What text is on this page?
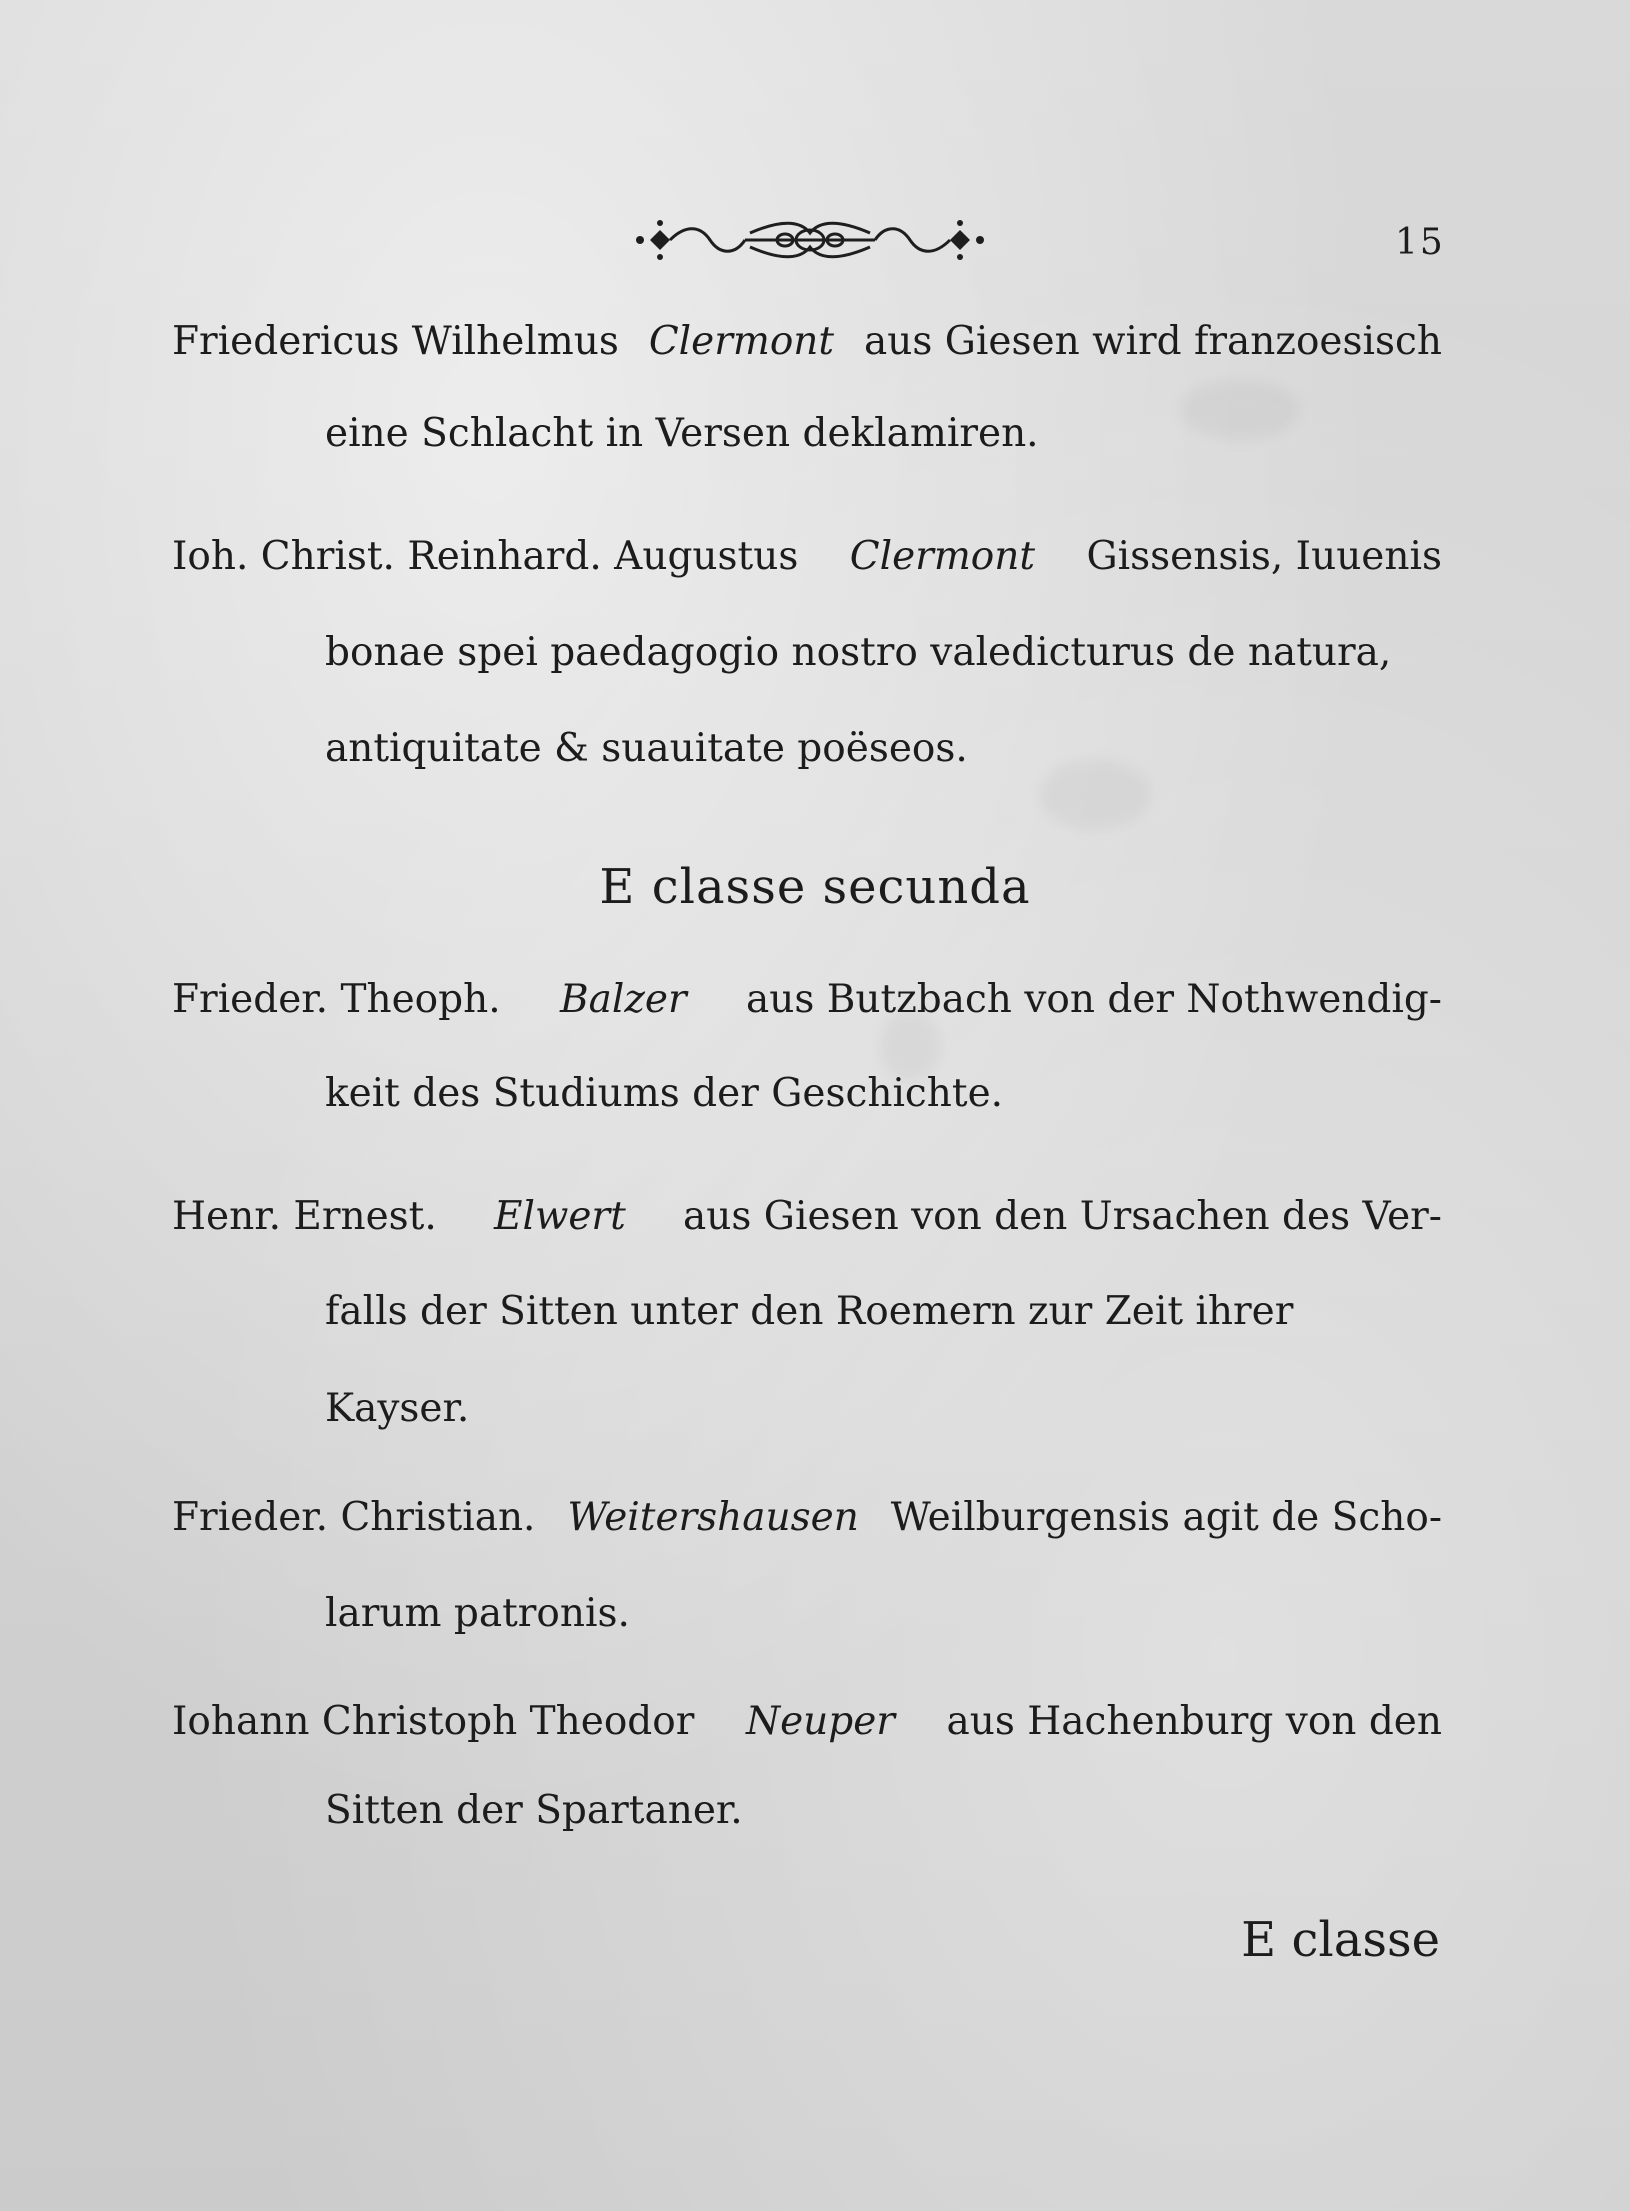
15
Friedericus Wilhelmus Clermont aus Giesen wird franzoesisch
eine Schlacht in Versen deklamiren.
Ioh. Christ. Reinhard. Augustus Clermont Gissensis, Iuuenis
bonae spei paedagogio nostro valedicturus de natura,
antiquitate & suauitate poëseos.
E classe secunda
Frieder. Theoph. Balzer aus Butzbach von der Nothwendig-
keit des Studiums der Geschichte.
Henr. Ernest. Elwert aus Giesen von den Ursachen des Ver-
falls der Sitten unter den Roemern zur Zeit ihrer
Kayser.
Frieder. Christian. Weitershausen Weilburgensis agit de Scho-
larum patronis.
Iohann Christoph Theodor Neuper aus Hachenburg von den
Sitten der Spartaner.
E classe
